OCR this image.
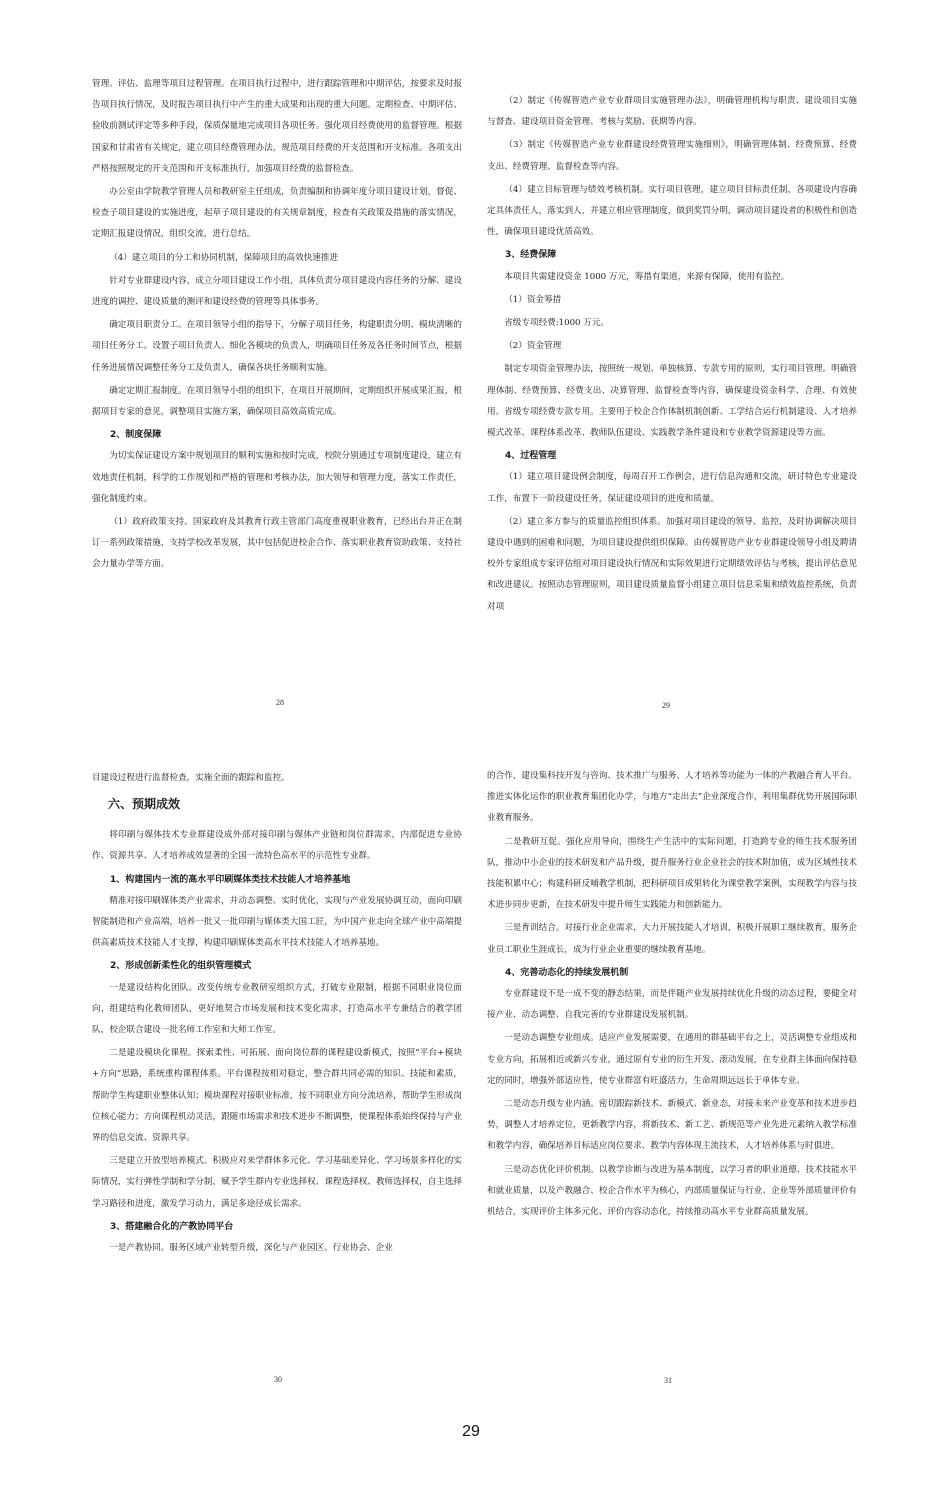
管理、评估、监理等项目过程管理。在项目执行过程中，进行跟踪管理和中期评估，按要求及时报告项目执行情况，及时报告项目执行中产生的重大成果和出现的重大问题。定期检查、中期评估、验收前测试评定等多种手段，保质保量地完成项目各项任务。强化项目经费使用的监督管理。根据国家和甘肃省有关规定，建立项目经费管理办法，规范项目经费的开支范围和开支标准。各项支出严格按照规定的开支范围和开支标准执行，加强项目经费的监督检查。

办公室由学院教学管理人员和教研室主任组成，负责编制和协调年度分项目建设计划，督促、检查子项目建设的实施进度，起草子项目建设的有关规章制度，检查有关政策及措施的落实情况，定期汇报建设情况，组织交流，进行总结。

（4）建立项目的分工和协同机制，保障项目的高效快速推进

针对专业群建设内容，成立分项目建设工作小组，具体负责分项目建设内容任务的分解、建设进度的调控、建设质量的测评和建设经费的管理等具体事务。

确定项目职责分工。在项目领导小组的指导下，分解子项目任务，构建职责分明、模块清晰的项目任务分工。设置子项目负责人、细化各模块的负责人，明确项目任务及各任务时间节点，根据任务进展情况调整任务分工及负责人，确保各块任务顺利实施。

确定定期汇报制度。在项目领导小组的组织下，在项目开展期间，定期组织开展成果汇报，根据项目专家的意见，调整项目实施方案，确保项目高效高质完成。

2、制度保障

为切实保证建设方案中规划项目的顺利实施和按时完成，校院分别通过专项制度建设，建立有效地责任机制，科学的工作规划和严格的管理和考核办法，加大领导和管理力度，落实工作责任，强化制度约束。

（1）政府政策支持。国家政府及其教育行政主管部门高度重视职业教育，已经出台并正在制订一系列政策措施，支持学校改革发展，其中包括促进校企合作、落实职业教育资助政策、支持社会力量办学等方面。

（2）制定《传媒智造产业专业群项目实施管理办法》，明确管理机构与职责、建设项目实施与督查、建设项目资金管理、考核与奖励、获期等内容。

（3）制定《传媒智造产业专业群建设经费管理实施细则》，明确管理体制、经费预算、经费支出、经费管理、监督检查等内容。

（4）建立目标管理与绩效考核机制。实行项目管理，建立项目目标责任制，各项建设内容确定具体责任人，落实到人，并建立相应管理制度，做到奖罚分明，调动项目建设者的积极性和创造性，确保项目建设优质高效。

3、经费保障

本项目共需建设资金 1000 万元，筹措有渠道，来源有保障，使用有监控。

（1）资金筹措

省级专项经费:1000 万元。

（2）资金管理

制定专项资金管理办法，按照统一规划、单独核算、专款专用的原则，实行项目管理。明确管理体制、经费预算、经费支出、决算管理、监督检查等内容，确保建设资金科学、合理、有效使用。省级专项经费专款专用。主要用于校企合作体制机制创新、工学结合运行机制建设、人才培养模式改革、课程体系改革、教师队伍建设、实践教学条件建设和专业教学资源建设等方面。

4、过程管理

（1）建立项目建设例会制度，每周召开工作例会，进行信息沟通和交流，研讨特色专业建设工作，布置下一阶段建设任务，保证建设项目的进度和质量。

（2）建立多方参与的质量监控组织体系。加强对项目建设的领导、监控，及时协调解决项目建设中遇到的困难和问题，为项目建设提供组织保障。由传媒智造产业专业群建设领导小组及聘请校外专家组成专家评估组对项目建设执行情况和实际效果进行定期绩效评估与考核，提出评估意见和改进建议。按照动态管理原则，项目建设质量监督小组建立项目信息采集和绩效监控系统，负责对项

目建设过程进行监督检查，实施全面的跟踪和监控。

六、预期成效

将印刷与媒体技术专业群建设成外部对接印刷与媒体产业链和岗位群需求，内部促进专业协作、资源共享、人才培养成效显著的全国一流特色高水平的示范性专业群。

1、构建国内一流的高水平印刷媒体类技术技能人才培养基地

精准对接印刷媒体类产业需求，并动态调整、实时优化，实现与产业发展协调互动，面向印刷智能制造和产业高端，培养一批又一批印刷与媒体类大国工匠，为中国产业走向全球产业中高端提供高素质技术技能人才支撑，构建印刷媒体类高水平技术技能人才培养基地。

2、形成创新柔性化的组织管理模式

一是建设结构化团队。改变传统专业教研室组织方式，打破专业限制，根据不同职业岗位面向，组建结构化教师团队，更好地契合市场发展和技术变化需求，打造高水平专兼结合的教学团队，校企联合建设一批名师工作室和大师工作室。

二是建设模块化课程。探索柔性、可拓展、面向岗位群的课程建设新模式，按照“平台+模块+方向”思路，系统重构课程体系。平台课程按相对稳定，整合群共同必需的知识、技能和素质，帮助学生构建职业整体认知；模块课程对接职业标准，按不同职业方向分流培养，帮助学生形成岗位核心能力；方向课程机动灵活，跟随市场需求和技术进步不断调整，使课程体系始终保持与产业界的信息交流、资源共享。

三是建立开放型培养模式。积极应对来学群体多元化、学习基础差异化、学习场景多样化的实际情况，实行弹性学制和学分制，赋予学生群内专业选择权、课程选择权、教师选择权，自主选择学习路径和进度，激发学习动力，满足多途径成长需求。

3、搭建融合化的产教协同平台

一是产教协同。服务区域产业转型升级，深化与产业园区、行业协会、企业

的合作，建设集科技开发与咨询、技术推广与服务、人才培养等功能为一体的产教融合育人平台。推进实体化运作的职业教育集团化办学，与地方“走出去”企业深度合作，利用集群优势开展国际职业教育服务。

二是教研互促。强化应用导向，围绕生产生活中的实际问题，打造跨专业的师生技术服务团队，推动中小企业的技术研发和产品升级，提升服务行业企业社会的技术附加值，成为区域性技术技能积累中心；构建科研反哺教学机制，把科研项目成果转化为课堂教学案例，实现教学内容与技术进步同步更新，在技术研发中提升师生实践能力和创新能力。

三是育训结合。对接行业企业需求，大力开展技能人才培训，积极开展职工继续教育，服务企业员工职业生涯成长，成为行业企业重要的继续教育基地。

4、完善动态化的持续发展机制

专业群建设不是一成不变的静态结果，而是伴随产业发展持续优化升级的动态过程，要健全对接产业、动态调整、自我完善的专业群建设发展机制。

一是动态调整专业组成。适应产业发展需要，在通用的群基础平台之上，灵活调整专业组成和专业方向，拓展相近或新兴专业，通过原有专业的衍生开发、滚动发展，在专业群主体面向保持稳定的同时，增强外部适应性，使专业群富有旺盛活力，生命周期远远长于单体专业。

二是动态升级专业内涵。密切跟踪新技术、新模式、新业态，对接未来产业变革和技术进步趋势，调整人才培养定位，更新教学内容，将新技术、新工艺、新规范等产业先进元素纳入教学标准和教学内容，确保培养目标适应岗位要求、教学内容体现主流技术，人才培养体系与时俱进。

三是动态优化评价机制。以教学诊断与改进为基本制度，以学习者的职业道德、技术技能水平和就业质量，以及产教融合、校企合作水平为核心，内部质量保证与行业、企业等外部质量评价有机结合，实现评价主体多元化、评价内容动态化，持续推动高水平专业群高质量发展。

28	29
30	31
29
